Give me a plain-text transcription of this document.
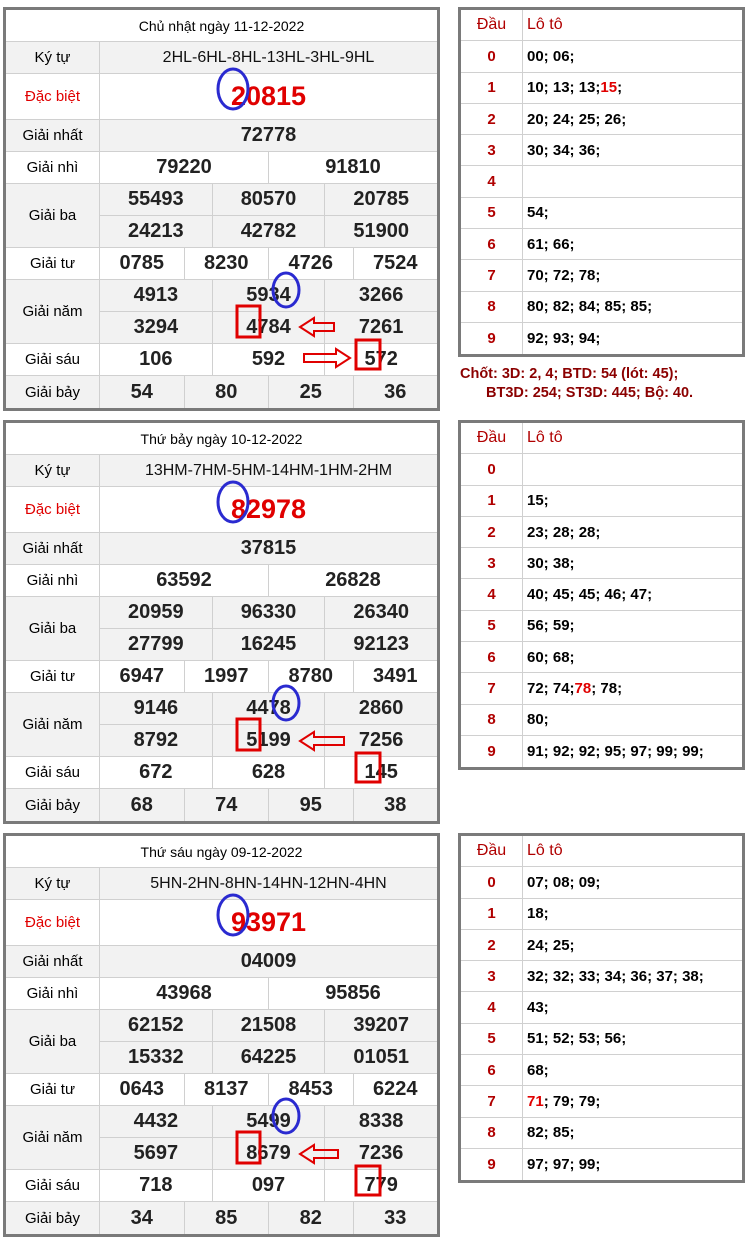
Chủ nhật ngày 11-12-2022
Ký tự	2HL-6HL-8HL-13HL-3HL-9HL
Đặc biệt	20815
Giải nhất	72778
Giải nhì	79220	91810
Giải ba
55493	80570	20785
24213	42782	51900
Giải tư	0785	8230	4726	7524
Giải năm
4913	5934	3266
3294	4784	7261
Giải sáu	106	592	572
Giải bảy	54	80	25	36
Thứ bảy ngày 10-12-2022
Ký tự	13HM-7HM-5HM-14HM-1HM-2HM
Đặc biệt	82978
Giải nhất	37815
Giải nhì	63592	26828
Giải ba
20959	96330	26340
27799	16245	92123
Giải tư	6947	1997	8780	3491
Giải năm
9146	4478	2860
8792	5199	7256
Giải sáu	672	628	145
Giải bảy	68	74	95	38
Thứ sáu ngày 09-12-2022
Ký tự	5HN-2HN-8HN-14HN-12HN-4HN
Đặc biệt	93971
Giải nhất	04009
Giải nhì	43968	95856
Giải ba
62152	21508	39207
15332	64225	01051
Giải tư	0643	8137	8453	6224
Giải năm
4432	5499	8338
5697	8679	7236
Giải sáu	718	097	779
Giải bảy	34	85	82	33
Đầu	Lô tô
0	00; 06;
1	10; 13; 13; 15 ;
2	20; 24; 25; 26;
3	30; 34; 36;
4
5	54;
6	61; 66;
7	70; 72; 78;
8	80; 82; 84; 85; 85;
9	92; 93; 94;
Đầu	Lô tô
0
1	15;
2	23; 28; 28;
3	30; 38;
4	40; 45; 45; 46; 47;
5	56; 59;
6	60; 68;
7	72; 74; 78 ; 78;
8	80;
9	91; 92; 92; 95; 97; 99; 99;
Đầu	Lô tô
0	07; 08; 09;
1	18;
2	24; 25;
3	32; 32; 33; 34; 36; 37; 38;
4	43;
5	51; 52; 53; 56;
6	68;
7	71 ; 79; 79;
8	82; 85;
9	97; 97; 99;
Chốt: 3D: 2, 4; BTD: 54 (lót: 45);
BT3D: 254; ST3D: 445; Bộ: 40.
